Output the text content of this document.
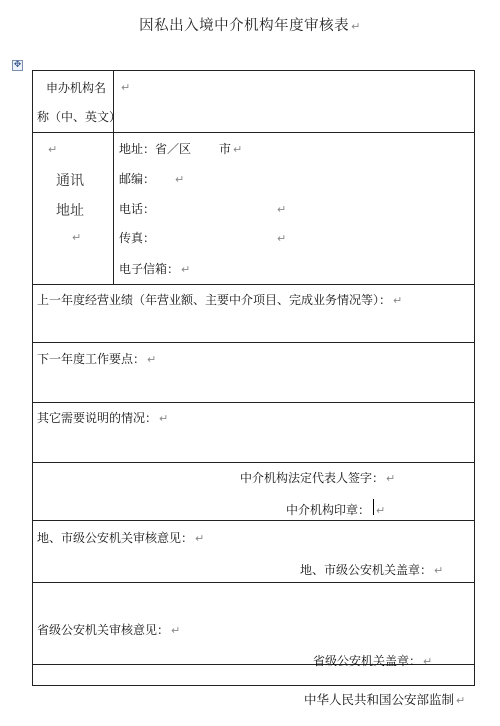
因私出入境中介机构年度审核表 ↵
✥
申办机构名
称（中、英文）
↵
↵
通讯
地址
↵
地址：省／区 市 ↵
邮编： ↵
电话：	↵
传真：	↵
电子信箱： ↵
上一年度经营业绩（年营业额、主要中介项目、完成业务情况等）： ↵
下一年度工作要点： ↵
其它需要说明的情况： ↵
中介机构法定代表人签字： ↵
中介机构印章： ↵
地、市级公安机关审核意见： ↵
地、市级公安机关盖章： ↵
省级公安机关审核意见： ↵
省级公安机关盖章： ↵
中华人民共和国公安部监制 ↵
